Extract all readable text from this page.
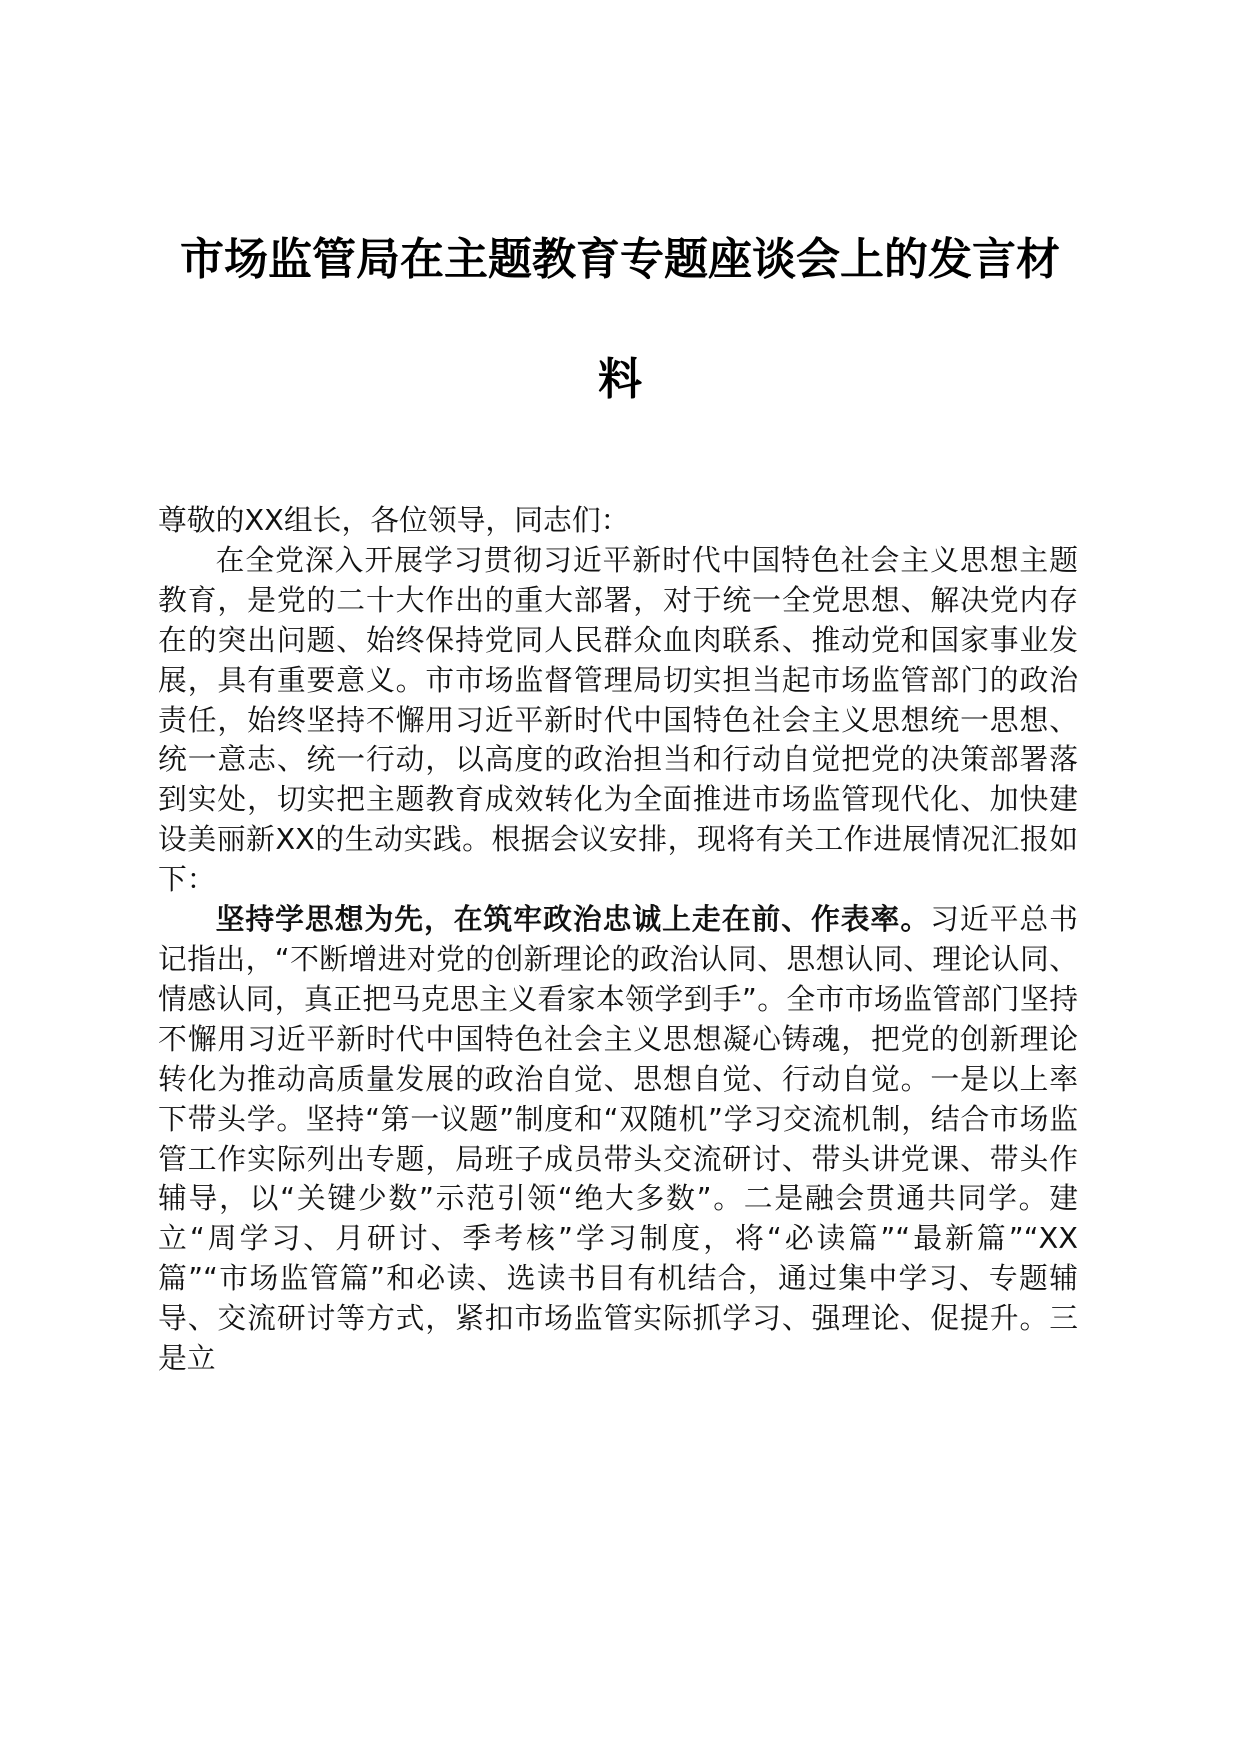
市场监管局在主题教育专题座谈会上的发言材
料

尊敬的XX组长，各位领导，同志们：

在全党深入开展学习贯彻习近平新时代中国特色社会主义思想主题教育，是党的二十大作出的重大部署，对于统一全党思想、解决党内存在的突出问题、始终保持党同人民群众血肉联系、推动党和国家事业发展，具有重要意义。市市场监督管理局切实担当起市场监管部门的政治责任，始终坚持不懈用习近平新时代中国特色社会主义思想统一思想、统一意志、统一行动，以高度的政治担当和行动自觉把党的决策部署落到实处，切实把主题教育成效转化为全面推进市场监管现代化、加快建设美丽新XX的生动实践。根据会议安排，现将有关工作进展情况汇报如下：

坚持学思想为先，在筑牢政治忠诚上走在前、作表率。习近平总书记指出，“不断增进对党的创新理论的政治认同、思想认同、理论认同、情感认同，真正把马克思主义看家本领学到手”。全市市场监管部门坚持不懈用习近平新时代中国特色社会主义思想凝心铸魂，把党的创新理论转化为推动高质量发展的政治自觉、思想自觉、行动自觉。一是以上率下带头学。坚持“第一议题”制度和“双随机”学习交流机制，结合市场监管工作实际列出专题，局班子成员带头交流研讨、带头讲党课、带头作辅导，以“关键少数”示范引领“绝大多数”。二是融会贯通共同学。建立“周学习、月研讨、季考核”学习制度，将“必读篇”“最新篇”“XX篇”“市场监管篇”和必读、选读书目有机结合，通过集中学习、专题辅导、交流研讨等方式，紧扣市场监管实际抓学习、强理论、促提升。三是立
